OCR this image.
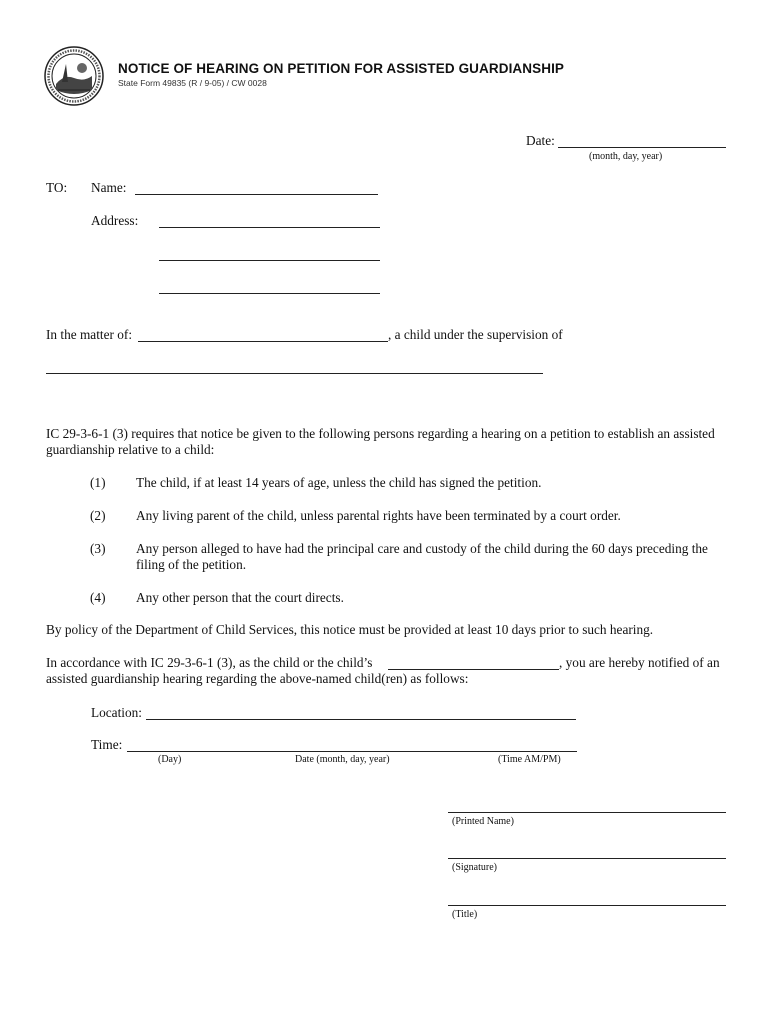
NOTICE OF HEARING ON PETITION FOR ASSISTED GUARDIANSHIP
State Form 49835 (R / 9-05) / CW 0028
Date:
(month, day, year)
TO: Name:
Address:
In the matter of:	, a child under the supervision of
IC 29-3-6-1 (3) requires that notice be given to the following persons regarding a hearing on a petition to establish an assisted guardianship relative to a child:
(1) The child, if at least 14 years of age, unless the child has signed the petition.
(2) Any living parent of the child, unless parental rights have been terminated by a court order.
(3) Any person alleged to have had the principal care and custody of the child during the 60 days preceding the filing of the petition.
(4) Any other person that the court directs.
By policy of the Department of Child Services, this notice must be provided at least 10 days prior to such hearing.
In accordance with IC 29-3-6-1 (3), as the child or the child’s	, you are hereby notified of an
assisted guardianship hearing regarding the above-named child(ren) as follows:
Location:
Time:
(Day)	Date (month, day, year)	(Time AM/PM)
(Printed Name)
(Signature)
(Title)
